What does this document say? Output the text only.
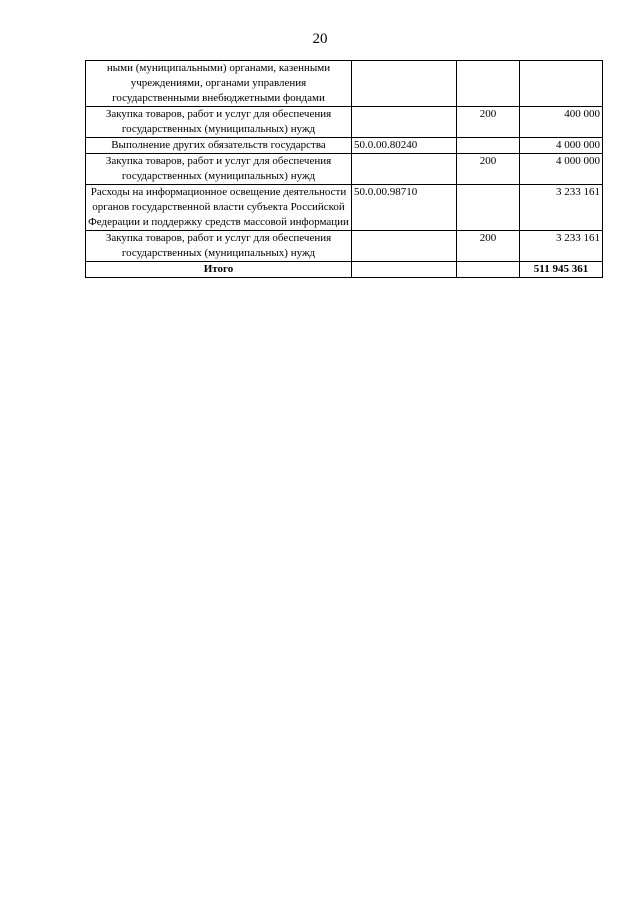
20
ными (муниципальными) органами, казенными учреждениями, органами управления государственными внебюджетными фондами			
Закупка товаров, работ и услуг для обеспечения государственных (муниципальных) нужд		200	400 000
Выполнение других обязательств государства	50.0.00.80240		4 000 000
Закупка товаров, работ и услуг для обеспечения государственных (муниципальных) нужд		200	4 000 000
Расходы на информационное освещение деятельности органов государственной власти субъекта Российской Федерации и поддержку средств массовой информации	50.0.00.98710		3 233 161
Закупка товаров, работ и услуг для обеспечения государственных (муниципальных) нужд		200	3 233 161
Итого			511 945 361
